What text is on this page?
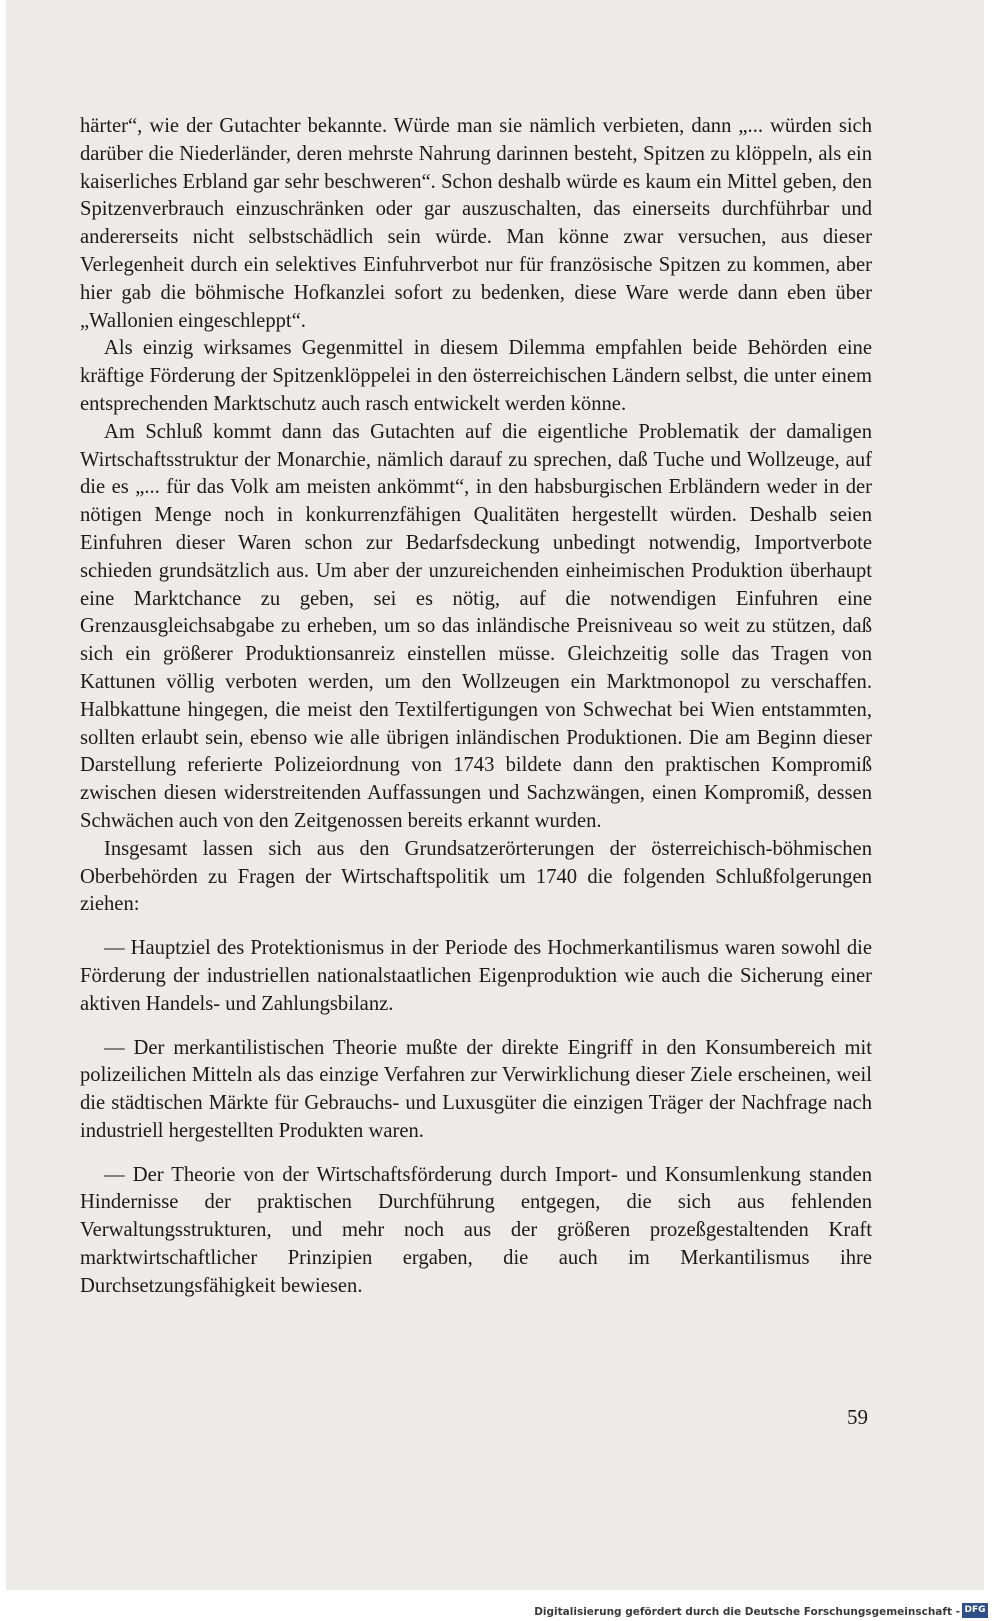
härter“, wie der Gutachter bekannte. Würde man sie nämlich verbieten, dann „... würden sich darüber die Niederländer, deren mehrste Nahrung darinnen besteht, Spitzen zu klöppeln, als ein kaiserliches Erbland gar sehr beschweren“. Schon deshalb würde es kaum ein Mittel geben, den Spitzenverbrauch einzuschränken oder gar auszuschalten, das einerseits durchführbar und andererseits nicht selbstschädlich sein würde. Man könne zwar versuchen, aus dieser Verlegenheit durch ein selektives Einfuhrverbot nur für französische Spitzen zu kommen, aber hier gab die böhmische Hofkanzlei sofort zu bedenken, diese Ware werde dann eben über „Wallonien eingeschleppt“.

Als einzig wirksames Gegenmittel in diesem Dilemma empfahlen beide Behörden eine kräftige Förderung der Spitzenklöppelei in den österreichischen Ländern selbst, die unter einem entsprechenden Marktschutz auch rasch entwickelt werden könne.

Am Schluß kommt dann das Gutachten auf die eigentliche Problematik der damaligen Wirtschaftsstruktur der Monarchie, nämlich darauf zu sprechen, daß Tuche und Wollzeuge, auf die es „... für das Volk am meisten ankömmt“, in den habsburgischen Erbländern weder in der nötigen Menge noch in konkurrenzfähigen Qualitäten hergestellt würden. Deshalb seien Einfuhren dieser Waren schon zur Bedarfsdeckung unbedingt notwendig, Importverbote schieden grundsätzlich aus. Um aber der unzureichenden einheimischen Produktion überhaupt eine Marktchance zu geben, sei es nötig, auf die notwendigen Einfuhren eine Grenzausgleichsabgabe zu erheben, um so das inländische Preisniveau so weit zu stützen, daß sich ein größerer Produktionsanreiz einstellen müsse. Gleichzeitig solle das Tragen von Kattunen völlig verboten werden, um den Wollzeugen ein Marktmonopol zu verschaffen. Halbkattune hingegen, die meist den Textilfertigungen von Schwechat bei Wien entstammten, sollten erlaubt sein, ebenso wie alle übrigen inländischen Produktionen. Die am Beginn dieser Darstellung referierte Polizeiordnung von 1743 bildete dann den praktischen Kompromiß zwischen diesen widerstreitenden Auffassungen und Sachzwängen, einen Kompromiß, dessen Schwächen auch von den Zeitgenossen bereits erkannt wurden.

Insgesamt lassen sich aus den Grundsatzerörterungen der österreichisch-böhmischen Oberbehörden zu Fragen der Wirtschaftspolitik um 1740 die folgenden Schlußfolgerungen ziehen:

— Hauptziel des Protektionismus in der Periode des Hochmerkantilismus waren sowohl die Förderung der industriellen nationalstaatlichen Eigenproduktion wie auch die Sicherung einer aktiven Handels- und Zahlungsbilanz.

— Der merkantilistischen Theorie mußte der direkte Eingriff in den Konsumbereich mit polizeilichen Mitteln als das einzige Verfahren zur Verwirklichung dieser Ziele erscheinen, weil die städtischen Märkte für Gebrauchs- und Luxusgüter die einzigen Träger der Nachfrage nach industriell hergestellten Produkten waren.

— Der Theorie von der Wirtschaftsförderung durch Import- und Konsumlenkung standen Hindernisse der praktischen Durchführung entgegen, die sich aus fehlenden Verwaltungsstrukturen, und mehr noch aus der größeren prozeßgestaltenden Kraft marktwirtschaftlicher Prinzipien ergaben, die auch im Merkantilismus ihre Durchsetzungsfähigkeit bewiesen.

59
Digitalisierung gefördert durch die Deutsche Forschungsgemeinschaft - DFG
